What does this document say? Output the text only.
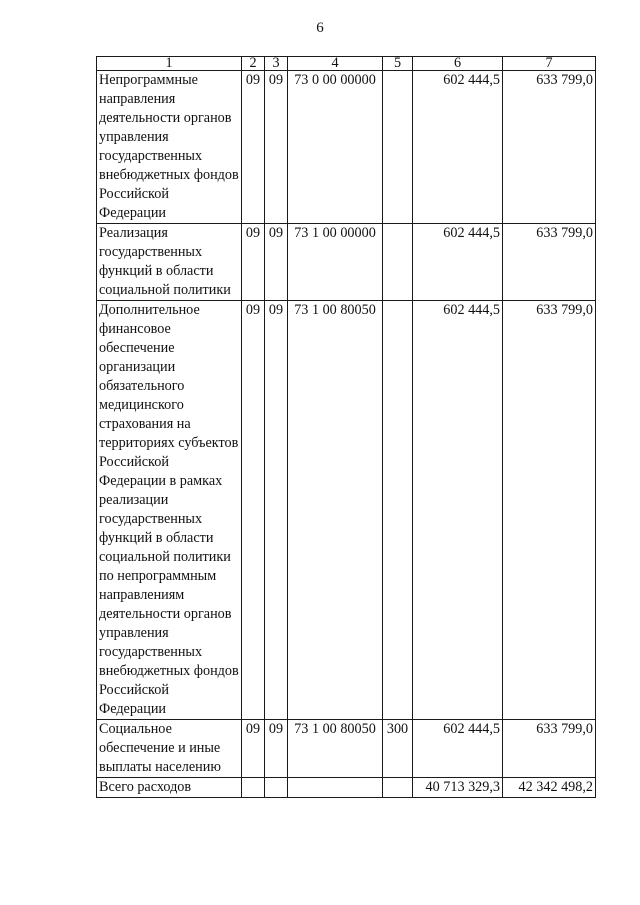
6
1	2	3	4	5	6	7
Непрограммные направления деятельности органов управления государственных внебюджетных фондов Российской Федерации	09	09	73 0 00 00000		602 444,5	633 799,0
Реализация государственных функций в области социальной политики	09	09	73 1 00 00000		602 444,5	633 799,0
Дополнительное финансовое обеспечение организации обязательного медицинского страхования на территориях субъектов Российской Федерации в рамках реализации государственных функций в области социальной политики по непрограммным направлениям деятельности органов управления государственных внебюджетных фондов Российской Федерации	09	09	73 1 00 80050		602 444,5	633 799,0
Социальное обеспечение и иные выплаты населению	09	09	73 1 00 80050	300	602 444,5	633 799,0
Всего расходов					40 713 329,3	42 342 498,2
